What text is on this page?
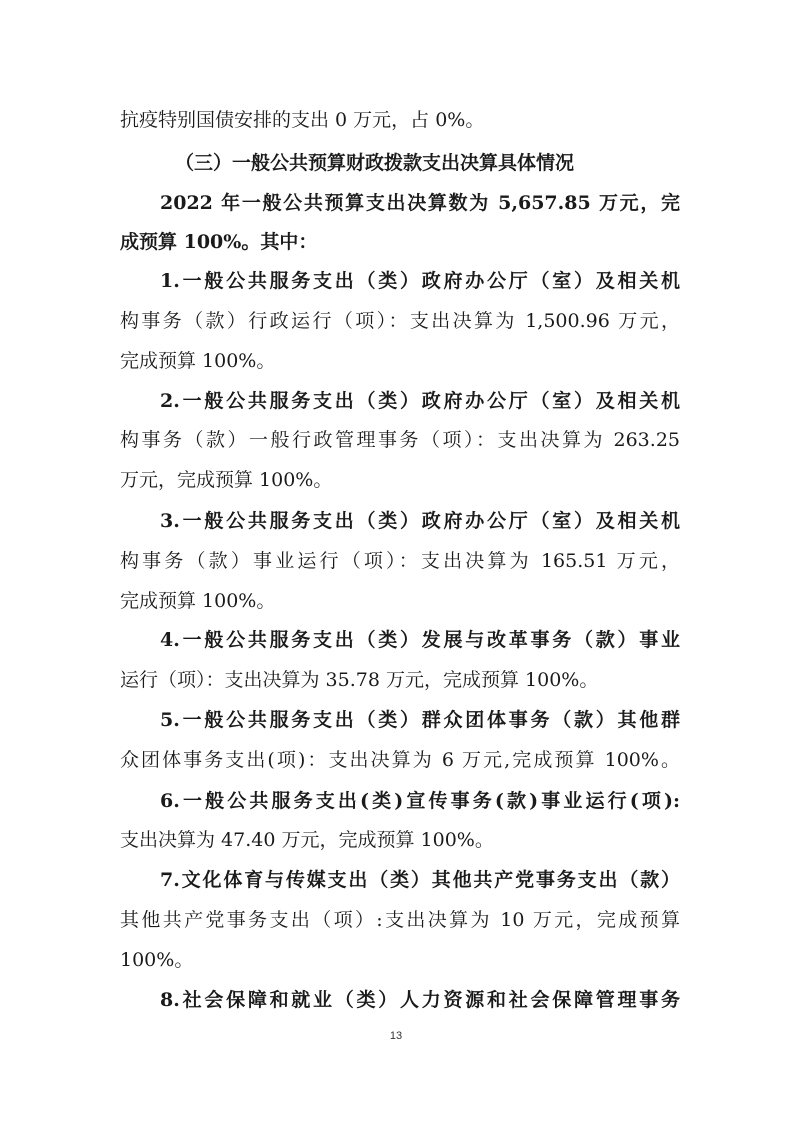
抗疫特别国债安排的支出 0 万元，占 0%。
（三）一般公共预算财政拨款支出决算具体情况
2022 年一般公共预算支出决算数为 5,657.85 万元，完
成预算 100%。其中：
1.一般公共服务支出（类）政府办公厅（室）及相关机
构事务（款）行政运行（项）：支出决算为 1,500.96 万元，
完成预算 100%。
2.一般公共服务支出（类）政府办公厅（室）及相关机
构事务（款）一般行政管理事务（项）：支出决算为 263.25
万元，完成预算 100%。
3.一般公共服务支出（类）政府办公厅（室）及相关机
构事务（款）事业运行（项）：支出决算为 165.51 万元，
完成预算 100%。
4.一般公共服务支出（类）发展与改革事务（款）事业
运行（项）：支出决算为 35.78 万元，完成预算 100%。
5.一般公共服务支出（类）群众团体事务（款）其他群
众团体事务支出(项)：支出决算为 6 万元,完成预算 100%。
6.一般公共服务支出(类)宣传事务(款)事业运行(项):
支出决算为 47.40 万元，完成预算 100%。
7.文化体育与传媒支出（类）其他共产党事务支出（款）
其他共产党事务支出（项）:支出决算为 10 万元，完成预算
100%。
8.社会保障和就业（类）人力资源和社会保障管理事务
13
